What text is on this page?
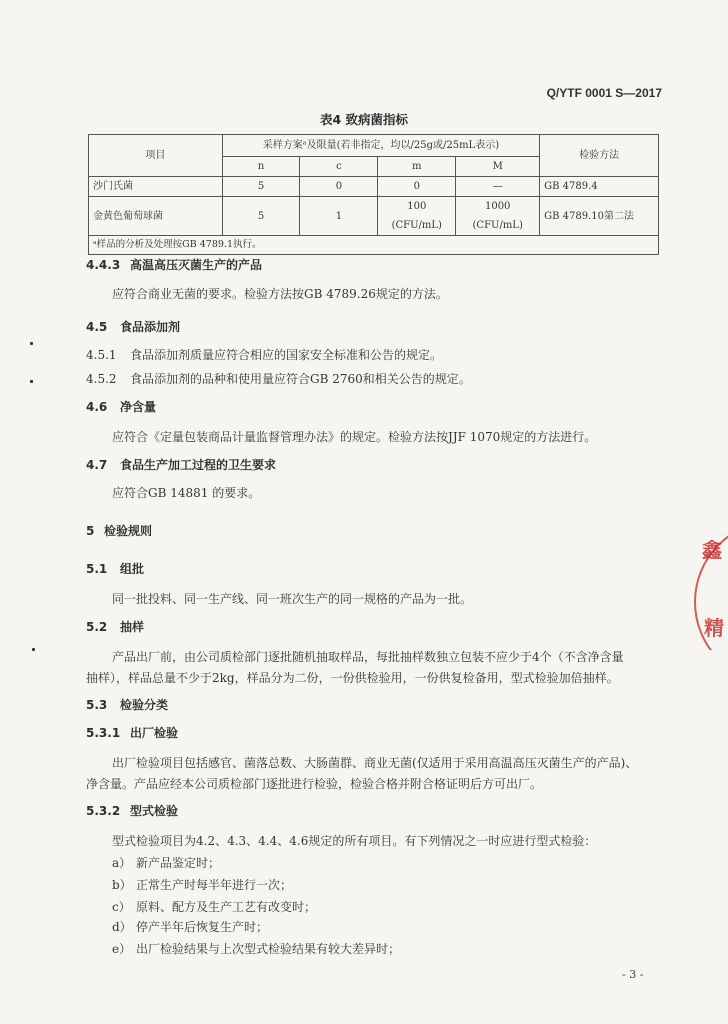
Q/YTF 0001 S—2017
表4 致病菌指标
项目	采样方案ᵃ及限量(若非指定，均以/25g或/25mL表示)				检验方法
	n	c	m	M	
沙门氏菌	5	0	0	—	GB 4789.4
金黄色葡萄球菌	5	1	100 (CFU/mL)	1000 (CFU/mL)	GB 4789.10第二法
ᵃ样品的分析及处理按GB 4789.1执行。					
4.4.3 高温高压灭菌生产的产品
应符合商业无菌的要求。检验方法按GB 4789.26规定的方法。
4.5 食品添加剂
4.5.1 食品添加剂质量应符合相应的国家安全标准和公告的规定。
4.5.2 食品添加剂的品种和使用量应符合GB 2760和相关公告的规定。
4.6 净含量
应符合《定量包装商品计量监督管理办法》的规定。检验方法按JJF 1070规定的方法进行。
4.7 食品生产加工过程的卫生要求
应符合GB 14881 的要求。
5 检验规则
5.1 组批
同一批投料、同一生产线、同一班次生产的同一规格的产品为一批。
5.2 抽样
产品出厂前，由公司质检部门逐批随机抽取样品，每批抽样数独立包装不应少于4个（不含净含量
抽样），样品总量不少于2kg，样品分为二份，一份供检验用，一份供复检备用，型式检验加倍抽样。
5.3 检验分类
5.3.1 出厂检验
出厂检验项目包括感官、菌落总数、大肠菌群、商业无菌(仅适用于采用高温高压灭菌生产的产品)、
净含量。产品应经本公司质检部门逐批进行检验，检验合格并附合格证明后方可出厂。
5.3.2 型式检验
型式检验项目为4.2、4.3、4.4、4.6规定的所有项目。有下列情况之一时应进行型式检验：
a） 新产品鉴定时；
b） 正常生产时每半年进行一次；
c） 原料、配方及生产工艺有改变时；
d） 停产半年后恢复生产时；
e） 出厂检验结果与上次型式检验结果有较大差异时；
- 3 -
鑫
精
